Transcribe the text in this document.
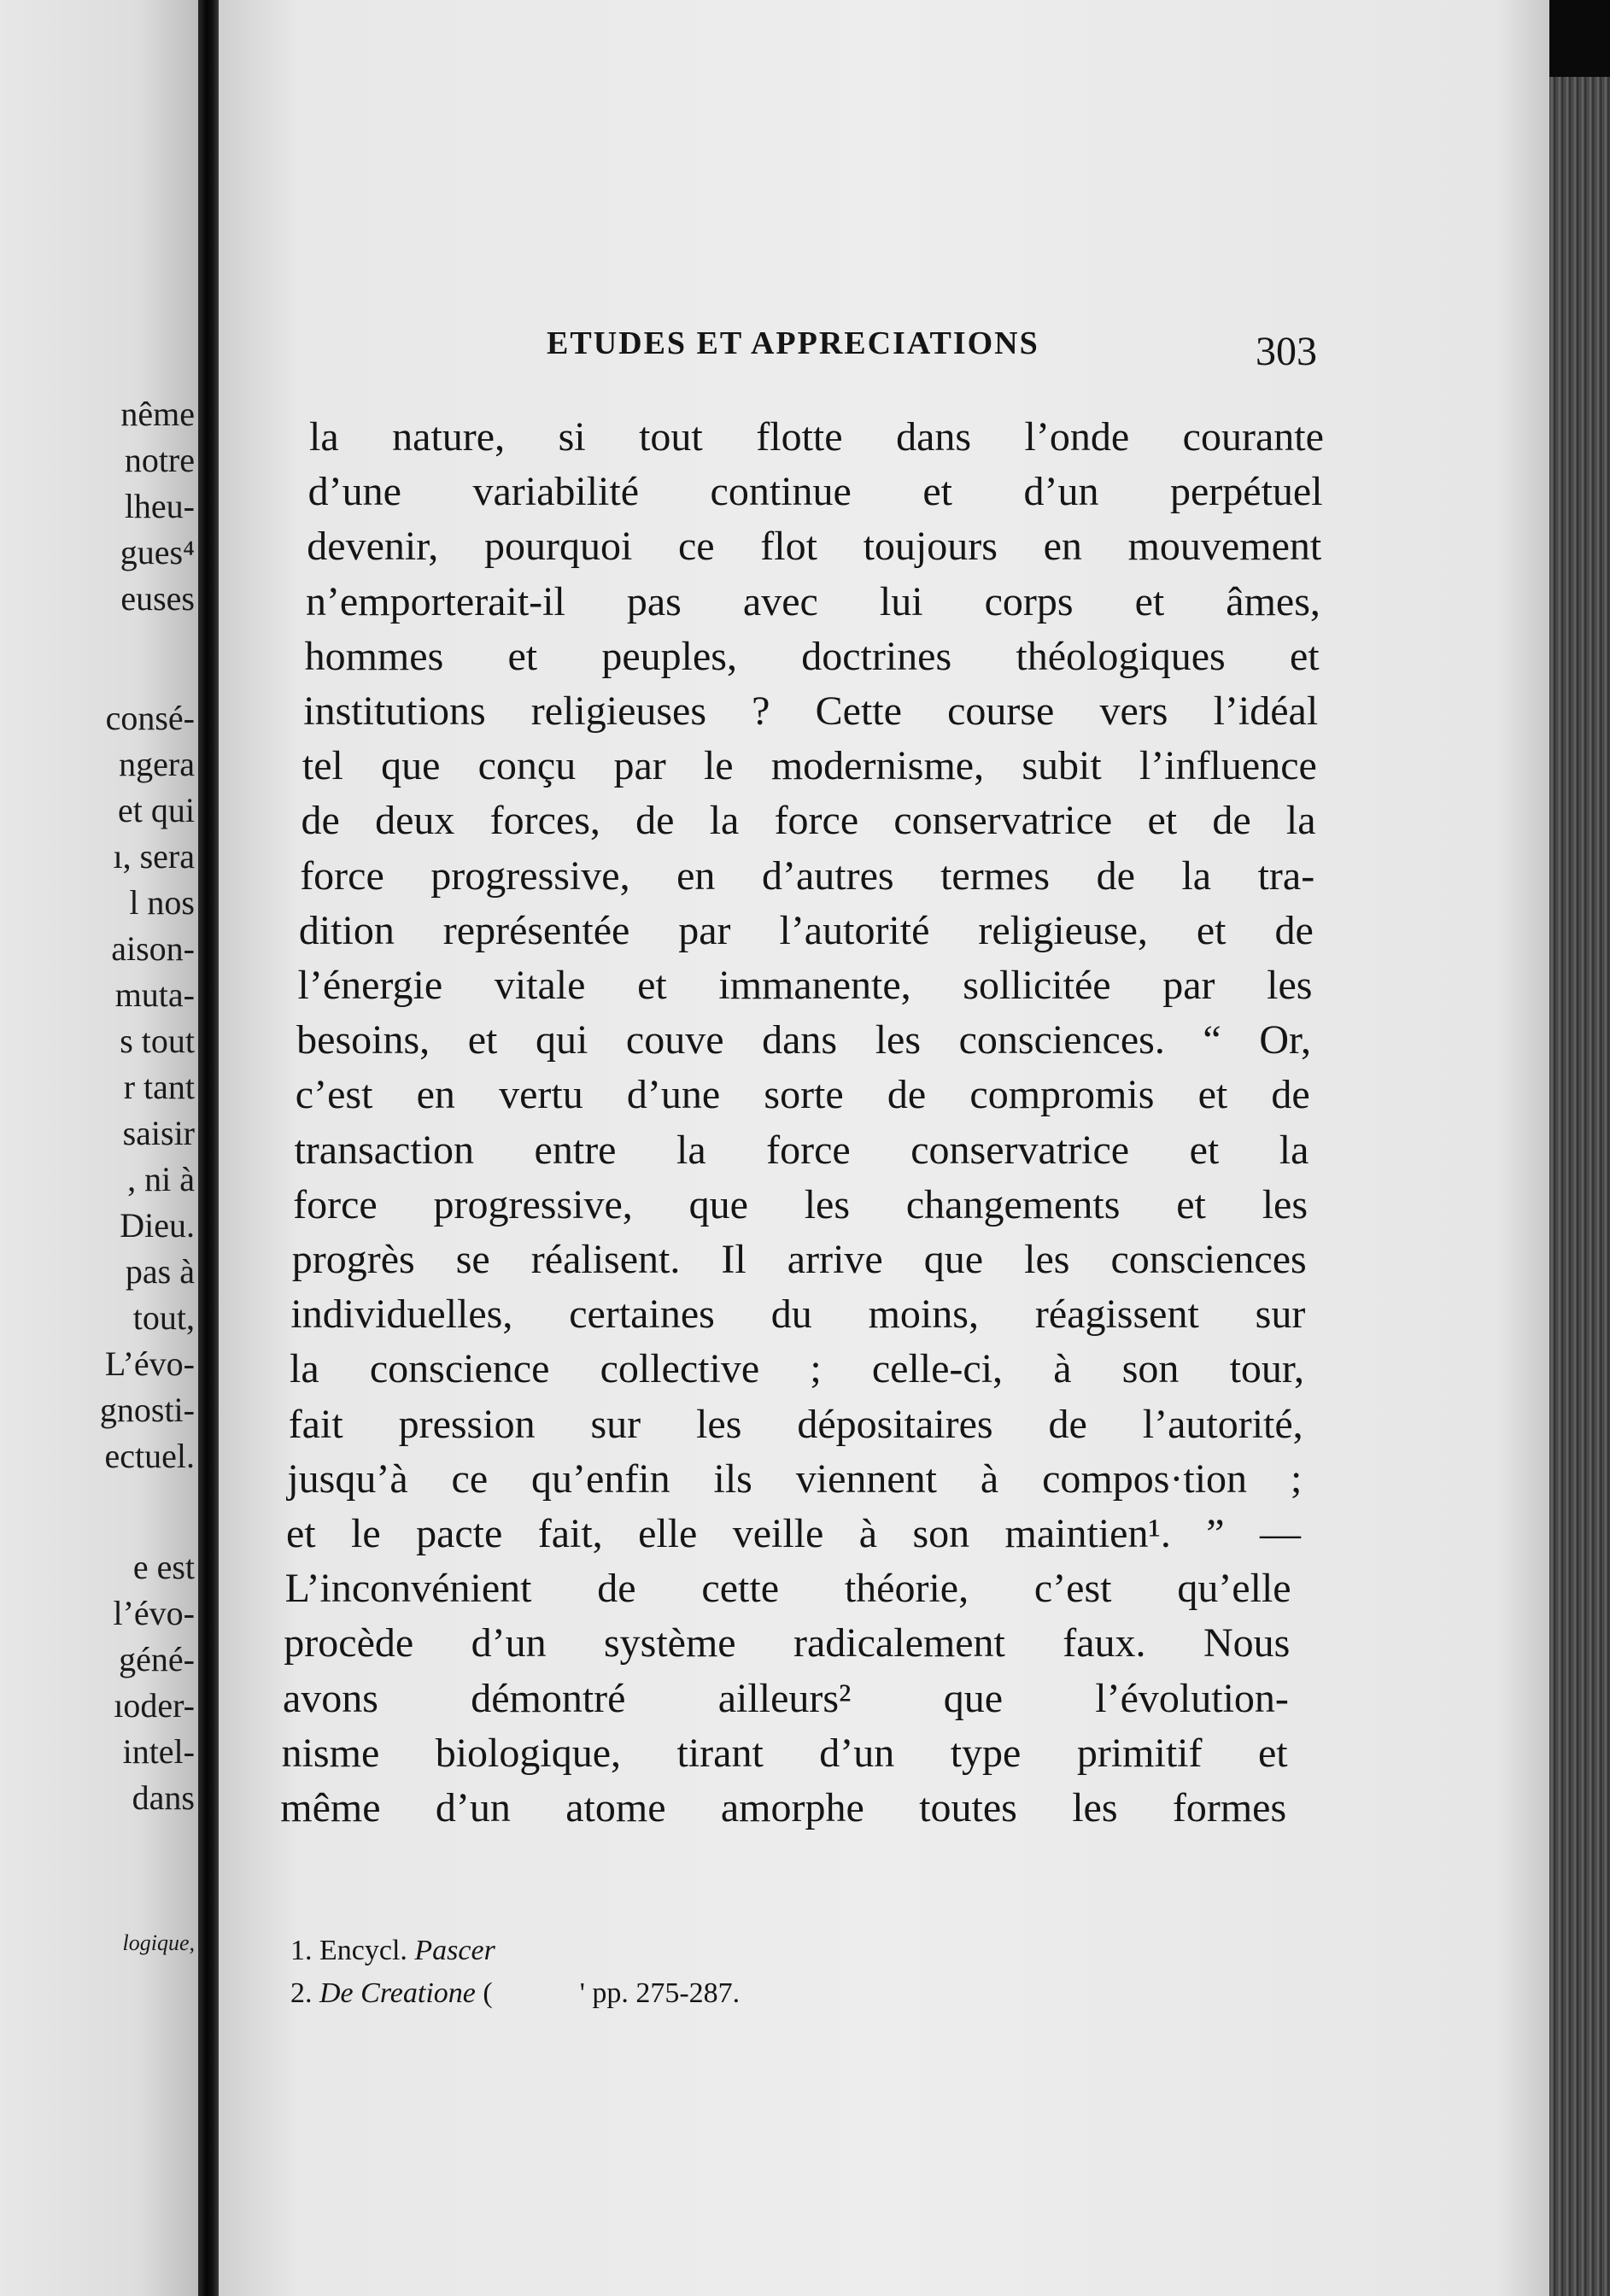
nême
notre
lheu-
gues⁴
euses
consé-
ngera
et qui
ı, sera
l nos
aison-
muta-
s tout
r tant
saisir
, ni à
Dieu.
pas à
tout,
L’évo-
gnosti-
ectuel.
e est
l’évo-
géné-
ıoder-
intel-
dans
logique,
ETUDES ET APPRECIATIONS	303
la nature, si tout flotte dans l’onde courante
d’une variabilité continue et d’un perpétuel
devenir, pourquoi ce flot toujours en mouvement
n’emporterait-il pas avec lui corps et âmes,
hommes et peuples, doctrines théologiques et
institutions religieuses ? Cette course vers l’idéal
tel que conçu par le modernisme, subit l’influence
de deux forces, de la force conservatrice et de la
force progressive, en d’autres termes de la tra-
dition représentée par l’autorité religieuse, et de
l’énergie vitale et immanente, sollicitée par les
besoins, et qui couve dans les consciences. “ Or,
c’est en vertu d’une sorte de compromis et de
transaction entre la force conservatrice et la
force progressive, que les changements et les
progrès se réalisent. Il arrive que les consciences
individuelles, certaines du moins, réagissent sur
la conscience collective ; celle-ci, à son tour,
fait pression sur les dépositaires de l’autorité,
jusqu’à ce qu’enfin ils viennent à compos·tion ;
et le pacte fait, elle veille à son maintien¹. ” —
L’inconvénient de cette théorie, c’est qu’elle
procède d’un système radicalement faux. Nous
avons démontré ailleurs² que l’évolution-
nisme biologique, tirant d’un type primitif et
même d’un atome amorphe toutes les formes
1. Encycl. Pascer
2. De Creatione (            ' pp. 275-287.
